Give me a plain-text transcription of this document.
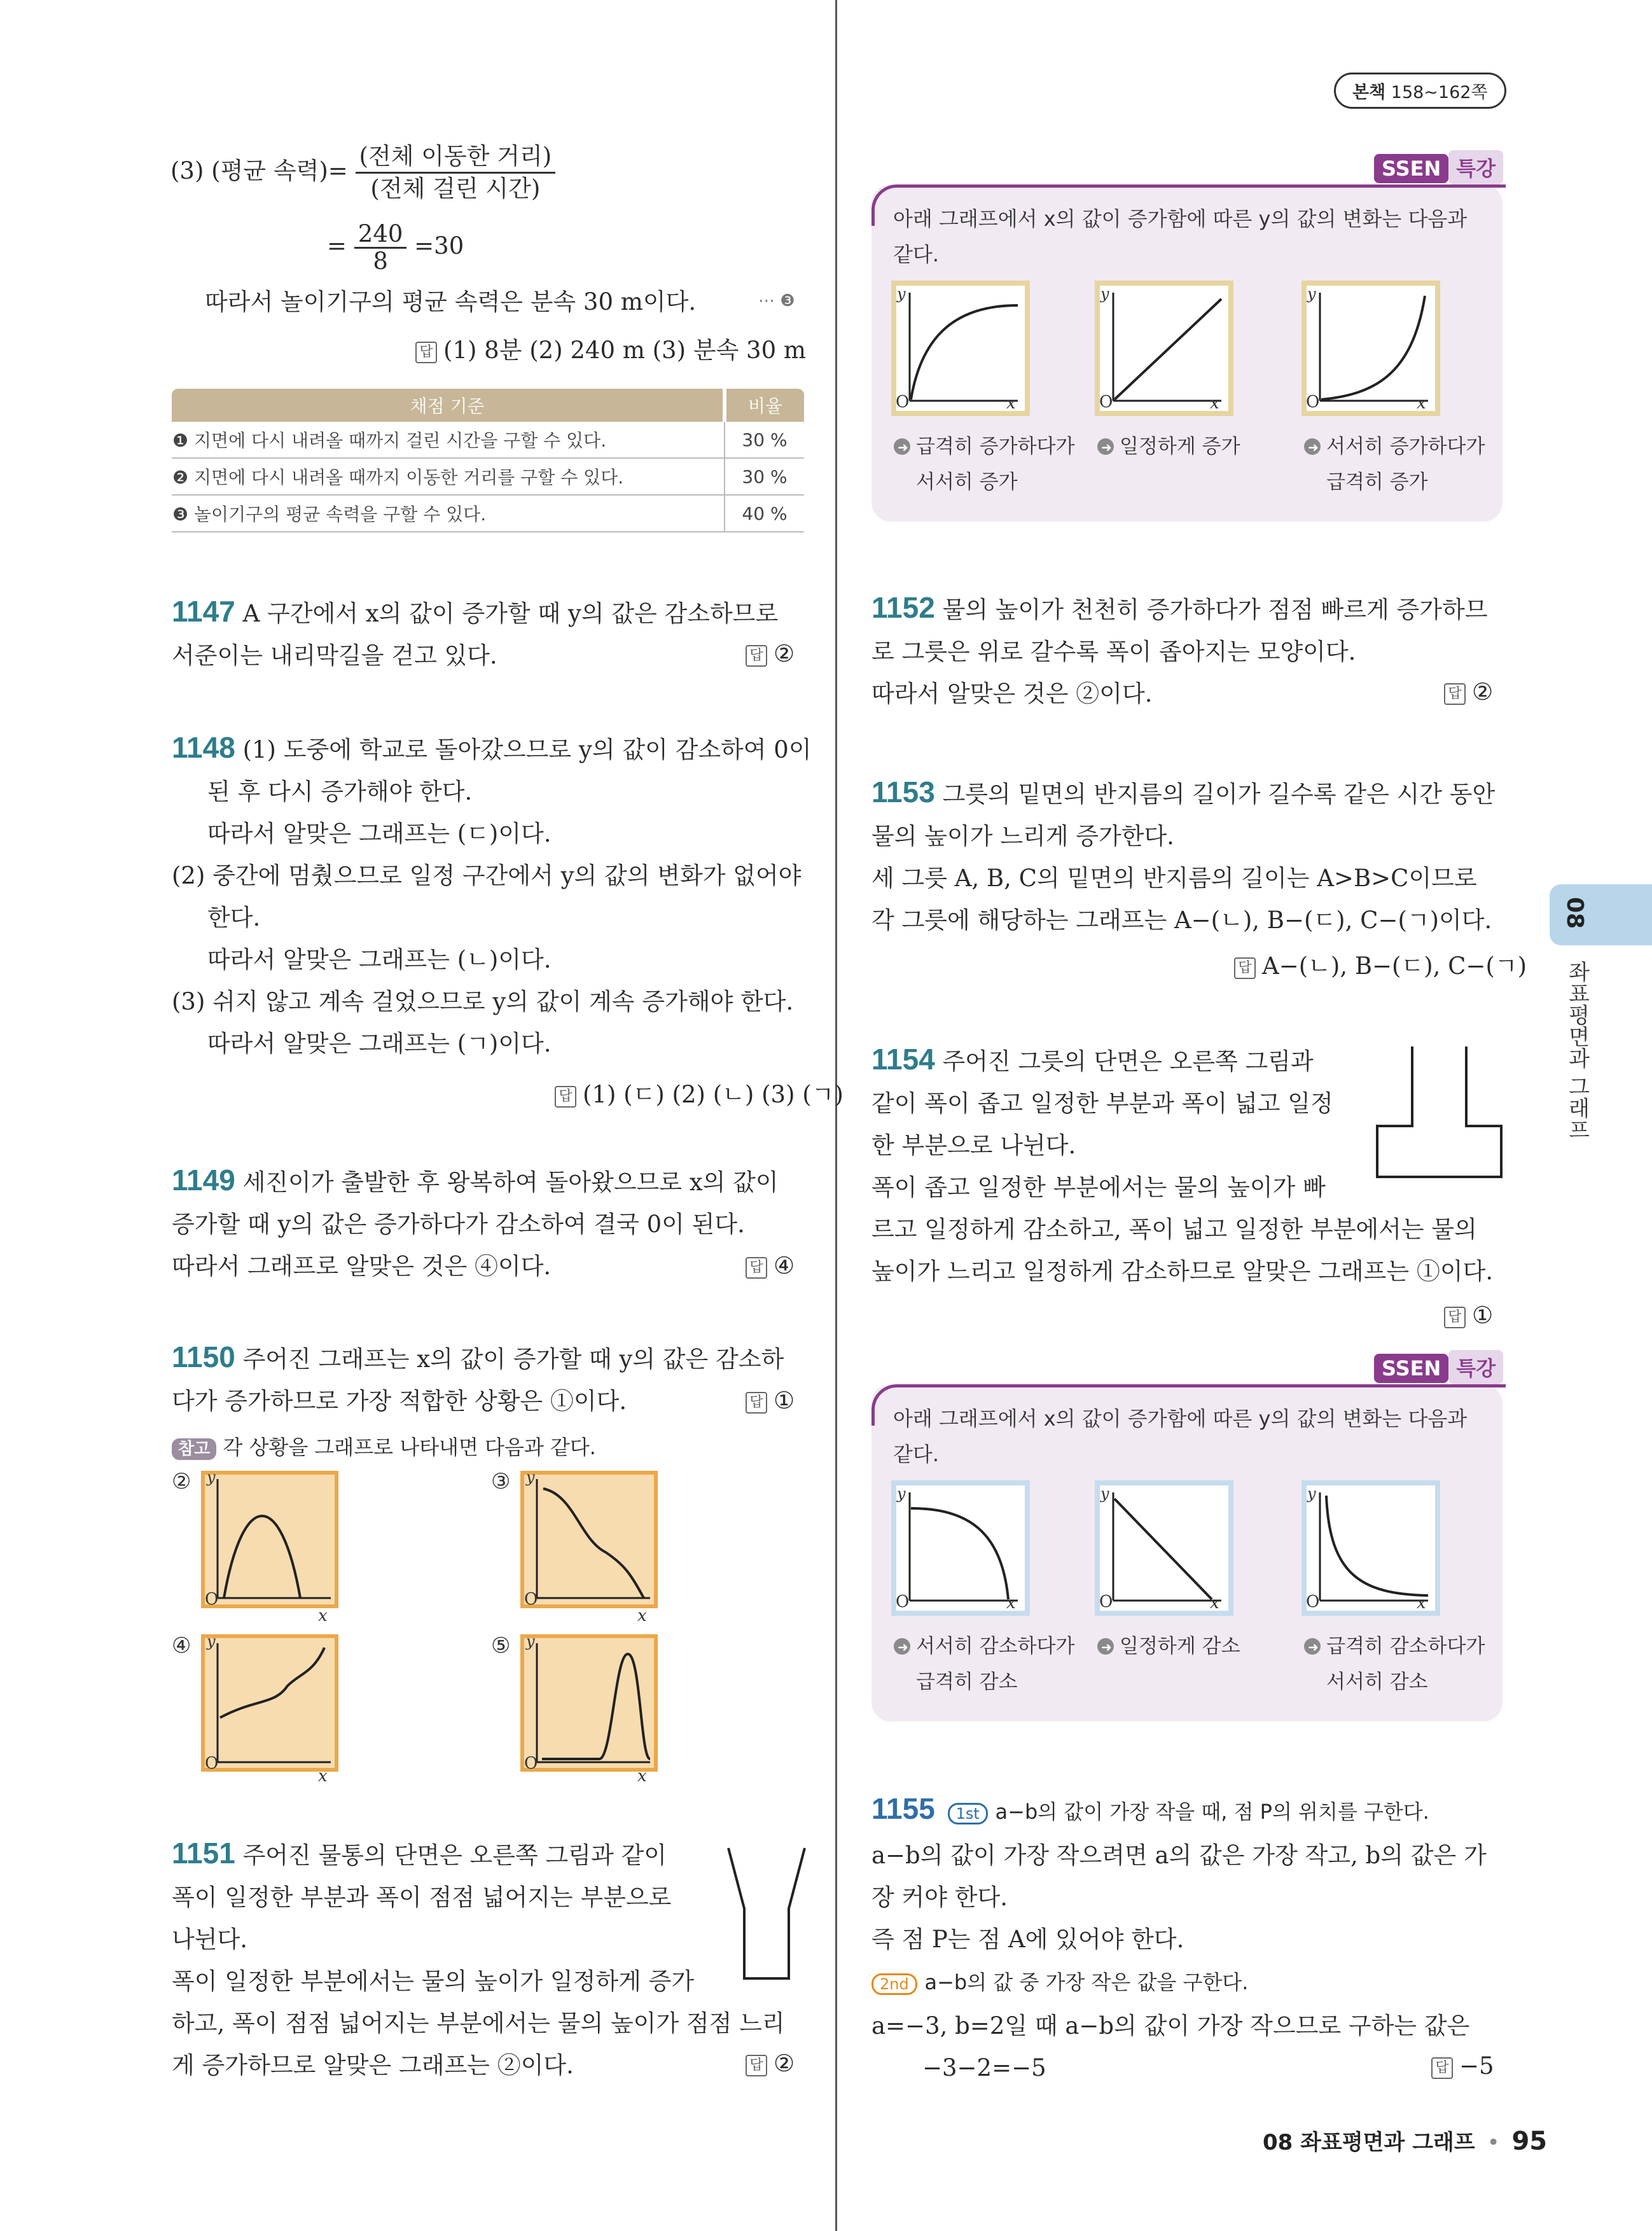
본책 158~162쪽
(3) (평균 속력)= $\frac{\text{(전체 이동한 거리)}}{\text{(전체 걸린 시간)}}$
= $\frac{240}{8} =30$
따라서 놀이기구의 평균 속력은 분속 30 m이다.	⋯ ❸
답 (1) 8분 (2) 240 m (3) 분속 30 m
채점 기준	비율
❶ 지면에 다시 내려올 때까지 걸린 시간을 구할 수 있다.	30 %
❷ 지면에 다시 내려올 때까지 이동한 거리를 구할 수 있다.	30 %
❸ 놀이기구의 평균 속력을 구할 수 있다.	40 %
1147 A 구간에서 x의 값이 증가할 때 y의 값은 감소하므로
서준이는 내리막길을 걷고 있다.	답 ②
1148 (1) 도중에 학교로 돌아갔으므로 y의 값이 감소하여 0이
된 후 다시 증가해야 한다.
따라서 알맞은 그래프는 (ㄷ)이다.
(2) 중간에 멈췄으므로 일정 구간에서 y의 값의 변화가 없어야
한다.
따라서 알맞은 그래프는 (ㄴ)이다.
(3) 쉬지 않고 계속 걸었으므로 y의 값이 계속 증가해야 한다.
따라서 알맞은 그래프는 (ㄱ)이다.
답 (1) (ㄷ) (2) (ㄴ) (3) (ㄱ)
1149 세진이가 출발한 후 왕복하여 돌아왔으므로 x의 값이
증가할 때 y의 값은 증가하다가 감소하여 결국 0이 된다.
따라서 그래프로 알맞은 것은 ④이다.	답 ④
1150 주어진 그래프는 x의 값이 증가할 때 y의 값은 감소하
다가 증가하므로 가장 적합한 상황은 ①이다.	답 ①
참고 각 상황을 그래프로 나타내면 다음과 같다.
②
O
x
y	③
O
x
y
④
O
x
y	⑤
O
x
y
1151 주어진 물통의 단면은 오른쪽 그림과 같이
폭이 일정한 부분과 폭이 점점 넓어지는 부분으로
나뉜다.
폭이 일정한 부분에서는 물의 높이가 일정하게 증가
하고, 폭이 점점 넓어지는 부분에서는 물의 높이가 점점 느리
게 증가하므로 알맞은 그래프는 ②이다.	답 ②
SSEN 특강
아래 그래프에서 x의 값이 증가함에 따른 y의 값의 변화는 다음과
같다.
O	x
y
➜ 급격히 증가하다가
서서히 증가
O	x
y
➜ 일정하게 증가
O	x
y
➜ 서서히 증가하다가
급격히 증가
1152 물의 높이가 천천히 증가하다가 점점 빠르게 증가하므
로 그릇은 위로 갈수록 폭이 좁아지는 모양이다.
따라서 알맞은 것은 ②이다.	답 ②
1153 그릇의 밑면의 반지름의 길이가 길수록 같은 시간 동안
물의 높이가 느리게 증가한다.
세 그릇 A, B, C의 밑면의 반지름의 길이는 A>B>C이므로
각 그릇에 해당하는 그래프는 A−(ㄴ), B−(ㄷ), C−(ㄱ)이다.
답 A−(ㄴ), B−(ㄷ), C−(ㄱ)
1154 주어진 그릇의 단면은 오른쪽 그림과
같이 폭이 좁고 일정한 부분과 폭이 넓고 일정
한 부분으로 나뉜다.
폭이 좁고 일정한 부분에서는 물의 높이가 빠
르고 일정하게 감소하고, 폭이 넓고 일정한 부분에서는 물의
높이가 느리고 일정하게 감소하므로 알맞은 그래프는 ①이다.
답 ①
SSEN 특강
아래 그래프에서 x의 값이 증가함에 따른 y의 값의 변화는 다음과
같다.
O	x
y
➜ 서서히 감소하다가
급격히 감소
O	x
y
➜ 일정하게 감소
O	x
y
➜ 급격히 감소하다가
서서히 감소
1155 1st a−b의 값이 가장 작을 때, 점 P의 위치를 구한다.
a−b의 값이 가장 작으려면 a의 값은 가장 작고, b의 값은 가
장 커야 한다.
즉 점 P는 점 A에 있어야 한다.
2nd a−b의 값 중 가장 작은 값을 구한다.
a=−3, b=2일 때 a−b의 값이 가장 작으므로 구하는 값은
−3−2=−5	답 −5
08
좌표평면과 그래프
08 좌표평면과 그래프 • 95
